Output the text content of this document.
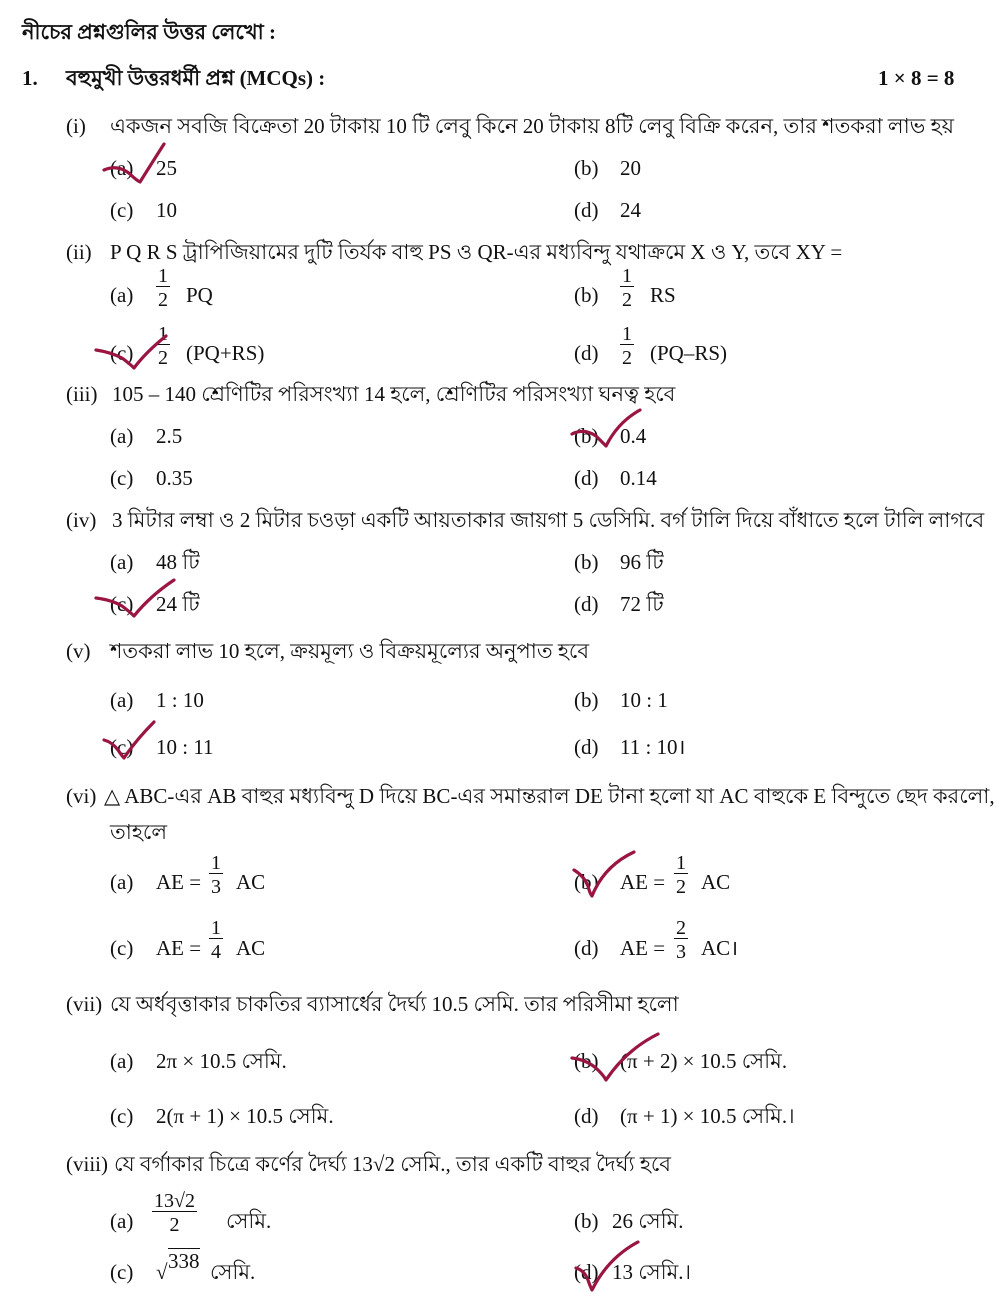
নীচের প্রশ্নগুলির উত্তর লেখো :
1. বহুমুখী উত্তরধর্মী প্রশ্ন (MCQs) :	1 × 8 = 8
(i) একজন সবজি বিক্রেতা 20 টাকায় 10 টি লেবু কিনে 20 টাকায় 8টি লেবু বিক্রি করেন, তার শতকরা লাভ হয়
(a) 25	(b) 20
(c) 10	(d) 24
(ii) P Q R S ট্রাপিজিয়ামের দুটি তির্যক বাহু PS ও QR-এর মধ্যবিন্দু যথাক্রমে X ও Y, তবে XY =
$(a) \frac{1}{2}$ PQ	$(b) \frac{1}{2}$ RS
$(c) \frac{1}{2} (PQ+RS)$	$(d) \frac{1}{2} (PQ-RS)$
(iii) 105 – 140 শ্রেণিটির পরিসংখ্যা 14 হলে, শ্রেণিটির পরিসংখ্যা ঘনত্ব হবে
(a) 2.5	(b) 0.4
(c) 0.35	(d) 0.14
(iv) 3 মিটার লম্বা ও 2 মিটার চওড়া একটি আয়তাকার জায়গা 5 ডেসিমি. বর্গ টালি দিয়ে বাঁধাতে হলে টালি লাগবে
(a) 48 টি	(b) 96 টি
(c) 24 টি	(d) 72 টি
(v) শতকরা লাভ 10 হলে, ক্রয়মূল্য ও বিক্রয়মূল্যের অনুপাত হবে
(a) 1 : 10	(b) 10 : 1
(c) 10 : 11	(d) 11 : 10।
(vi) △ ABC-এর AB বাহুর মধ্যবিন্দু D দিয়ে BC-এর সমান্তরাল DE টানা হলো যা AC বাহুকে E বিন্দুতে ছেদ করলো,
তাহলে
(a) AE = $\frac{1}{3}$ AC	(b) AE = $\frac{1}{2}$ AC
(c) AE = $\frac{1}{4}$ AC	(d) AE = $\frac{2}{3}$ AC।
(vii) যে অর্ধবৃত্তাকার চাকতির ব্যাসার্ধের দৈর্ঘ্য 10.5 সেমি. তার পরিসীমা হলো
(a) 2π × 10.5 সেমি.	(b) (π + 2) × 10.5 সেমি.
(c) 2(π + 1) × 10.5 সেমি.	(d) (π + 1) × 10.5 সেমি.।
(viii) যে বর্গাকার চিত্রে কর্ণের দৈর্ঘ্য 13√2 সেমি., তার একটি বাহুর দৈর্ঘ্য হবে
$(a) \frac{13√2}{2}$ সেমি.	(b) 26 সেমি.
(c) √ 338 সেমি.	(d) 13 সেমি.।
